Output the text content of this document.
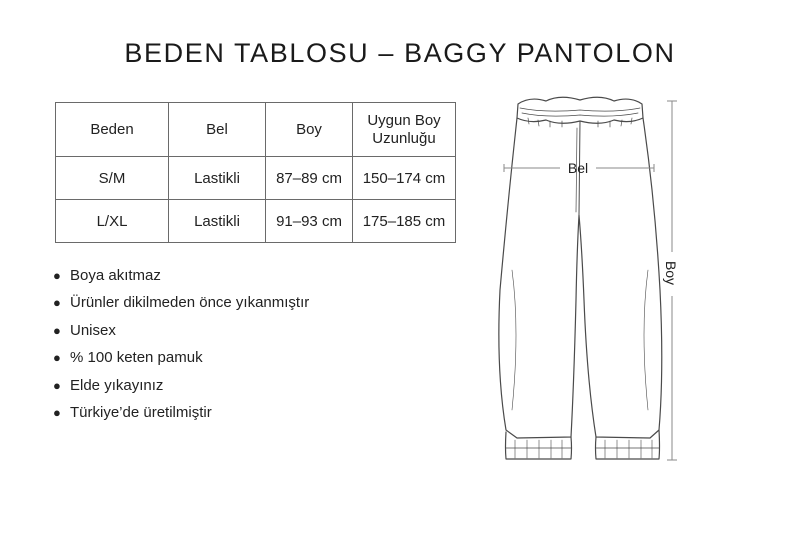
BEDEN TABLOSU – BAGGY PANTOLON
Beden	Bel	Boy	Uygun Boy
Uzunluğu

S/M	Lastikli	87–89 cm	150–174 cm
L/XL	Lastikli	91–93 cm	175–185 cm
● Boya akıtmaz
● Ürünler dikilmeden önce yıkanmıştır
● Unisex
● % 100 keten pamuk
● Elde yıkayınız
● Türkiye’de üretilmiştir
Bel
Boy
